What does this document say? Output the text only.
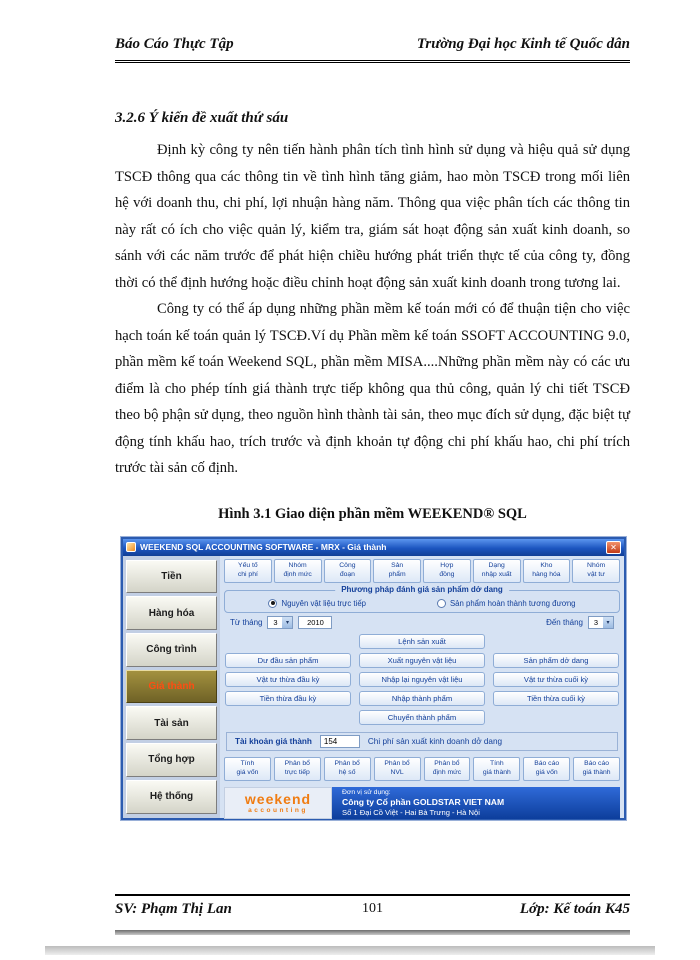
Báo Cáo Thực Tập	Trường Đại học Kinh tế Quốc dân
3.2.6 Ý kiến đề xuất thứ sáu

Định kỳ công ty nên tiến hành phân tích tình hình sử dụng và hiệu quả sử dụng TSCĐ thông qua các thông tin về tình hình tăng giảm, hao mòn TSCĐ trong mối liên hệ với doanh thu, chi phí, lợi nhuận hàng năm. Thông qua việc phân tích các thông tin này rất có ích cho việc quản lý, kiểm tra, giám sát hoạt động sản xuất kinh doanh, so sánh với các năm trước để phát hiện chiều hướng phát triển thực tế của công ty, đồng thời có thể định hướng hoặc điều chỉnh hoạt động sản xuất kinh doanh trong tương lai.

Công ty có thể áp dụng những phần mềm kế toán mới có để thuận tiện cho việc hạch toán kế toán quản lý TSCĐ.Ví dụ Phần mềm kế toán SSOFT ACCOUNTING 9.0, phần mềm kế toán Weekend SQL, phần mềm MISA....Những phần mềm này có các ưu điểm là cho phép tính giá thành trực tiếp không qua thủ công, quản lý chi tiết TSCĐ theo bộ phận sử dụng, theo nguồn hình thành tài sản, theo mục đích sử dụng, đặc biệt tự động tính khấu hao, trích trước và định khoản tự động chi phí khấu hao, chi phí trích trước tài sản cố định.

Hình 3.1 Giao diện phần mềm WEEKEND® SQL
WEEKEND SQL ACCOUNTING SOFTWARE - MRX - Giá thành	✕
Tiền
Hàng hóa
Công trình
Giá thành
Tài sản
Tổng hợp
Hệ thống
Yếu tố
chi phí
Nhóm
định mức
Công
đoạn
Sản
phẩm
Hợp
đồng
Dạng
nhập xuất
Kho
hàng hóa
Nhóm
vật tư
Phương pháp đánh giá sản phẩm dở dang
Nguyên vật liệu trực tiếp	Sản phẩm hoàn thành tương đương
Từ tháng	3	▾	2010	Đến tháng	3	▾
Lệnh sản xuất
Dư đầu sản phẩm	Xuất nguyên vật liệu	Sản phẩm dở dang
Vật tư thừa đầu kỳ	Nhập lại nguyên vật liệu	Vật tư thừa cuối kỳ
Tiền thừa đầu kỳ	Nhập thành phẩm	Tiền thừa cuối kỳ
Chuyển thành phẩm
Tài khoản giá thành	154	Chi phí sản xuất kinh doanh dở dang
Tính
giá vốn
Phân bổ
trực tiếp
Phân bổ
hệ số
Phân bổ
NVL
Phân bổ
định mức
Tính
giá thành
Báo cáo
giá vốn
Báo cáo
giá thành
weekend
accounting
Đơn vị sử dụng:
Công ty Cổ phần GOLDSTAR VIET NAM
Số 1 Đại Cồ Việt - Hai Bà Trưng - Hà Nội
SV: Phạm Thị Lan	101	Lớp: Kế toán K45
